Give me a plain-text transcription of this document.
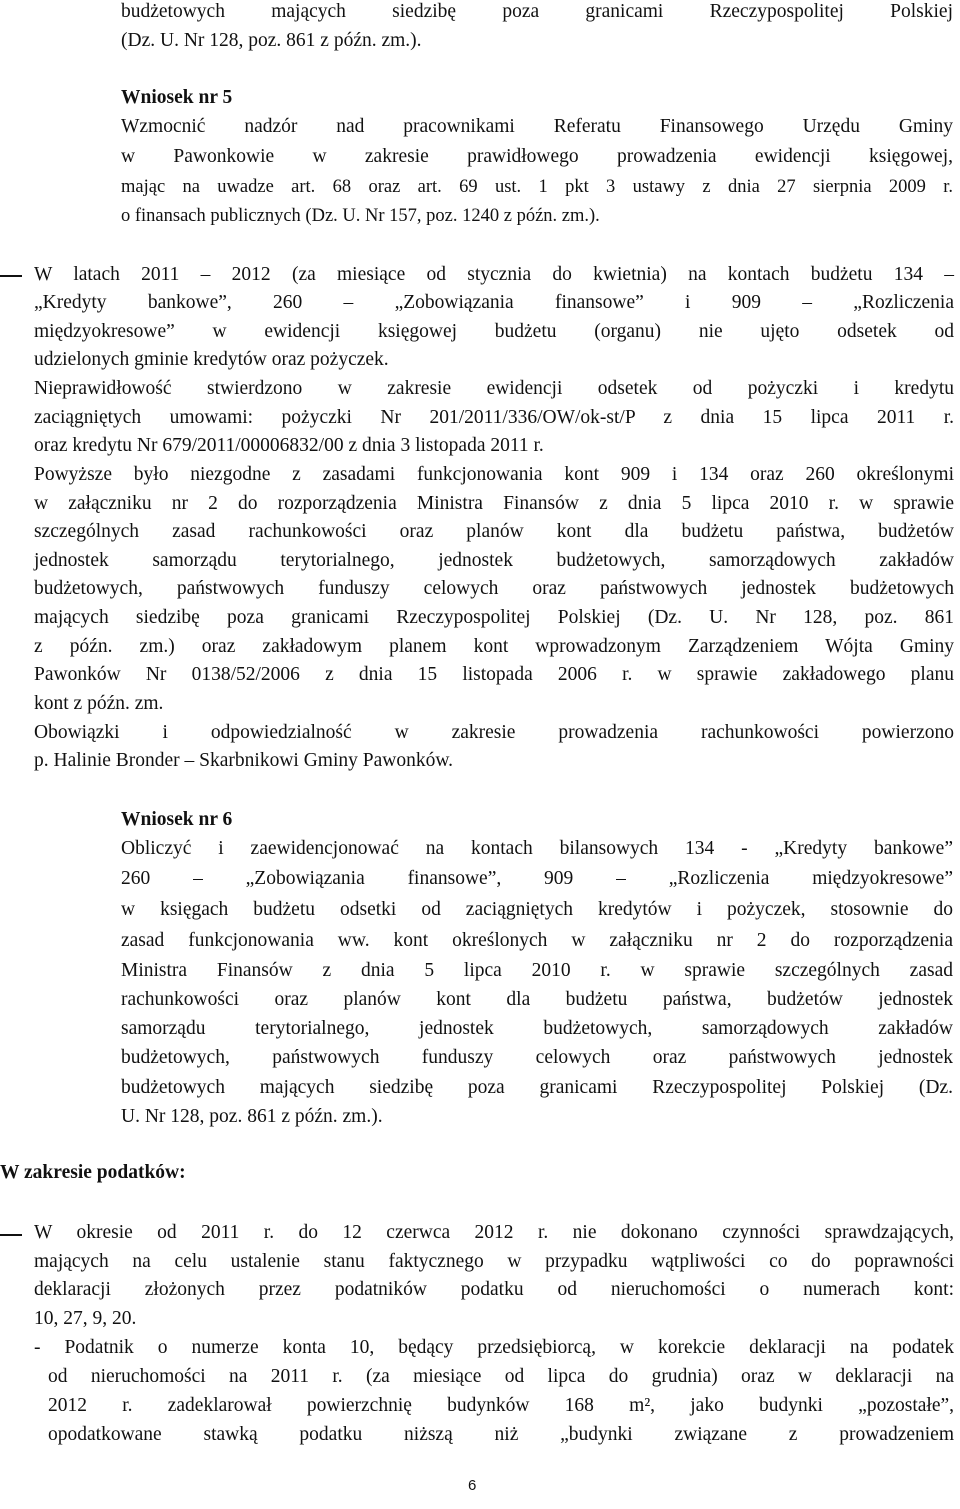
budżetowych mających siedzibę poza granicami Rzeczypospolitej Polskiej
(Dz. U. Nr 128, poz. 861 z późn. zm.).
Wniosek nr 5
Wzmocnić nadzór nad pracownikami Referatu Finansowego Urzędu Gminy
w Pawonkowie w zakresie prawidłowego prowadzenia ewidencji księgowej,
mając na uwadze art. 68 oraz art. 69 ust. 1 pkt 3 ustawy z dnia 27 sierpnia 2009 r.
o finansach publicznych (Dz. U. Nr 157, poz. 1240 z późn. zm.).
W latach 2011 – 2012 (za miesiące od stycznia do kwietnia) na kontach budżetu 134 –
„Kredyty bankowe”, 260 – „Zobowiązania finansowe” i 909 – „Rozliczenia
międzyokresowe” w ewidencji księgowej budżetu (organu) nie ujęto odsetek od
udzielonych gminie kredytów oraz pożyczek.
Nieprawidłowość stwierdzono w zakresie ewidencji odsetek od pożyczki i kredytu
zaciągniętych umowami: pożyczki Nr 201/2011/336/OW/ok-st/P z dnia 15 lipca 2011 r.
oraz kredytu Nr 679/2011/00006832/00 z dnia 3 listopada 2011 r.
Powyższe było niezgodne z zasadami funkcjonowania kont 909 i 134 oraz 260 określonymi
w załączniku nr 2 do rozporządzenia Ministra Finansów z dnia 5 lipca 2010 r. w sprawie
szczególnych zasad rachunkowości oraz planów kont dla budżetu państwa, budżetów
jednostek samorządu terytorialnego, jednostek budżetowych, samorządowych zakładów
budżetowych, państwowych funduszy celowych oraz państwowych jednostek budżetowych
mających siedzibę poza granicami Rzeczypospolitej Polskiej (Dz. U. Nr 128, poz. 861
z późn. zm.) oraz zakładowym planem kont wprowadzonym Zarządzeniem Wójta Gminy
Pawonków Nr 0138/52/2006 z dnia 15 listopada 2006 r. w sprawie zakładowego planu
kont z późn. zm.
Obowiązki i odpowiedzialność w zakresie prowadzenia rachunkowości powierzono
p. Halinie Bronder – Skarbnikowi Gminy Pawonków.
Wniosek nr 6
Obliczyć i zaewidencjonować na kontach bilansowych 134 - „Kredyty bankowe”
260 – „Zobowiązania finansowe”, 909 – „Rozliczenia międzyokresowe”
w księgach budżetu odsetki od zaciągniętych kredytów i pożyczek, stosownie do
zasad funkcjonowania ww. kont określonych w załączniku nr 2 do rozporządzenia
Ministra Finansów z dnia 5 lipca 2010 r. w sprawie szczególnych zasad
rachunkowości oraz planów kont dla budżetu państwa, budżetów jednostek
samorządu terytorialnego, jednostek budżetowych, samorządowych zakładów
budżetowych, państwowych funduszy celowych oraz państwowych jednostek
budżetowych mających siedzibę poza granicami Rzeczypospolitej Polskiej (Dz.
U. Nr 128, poz. 861 z późn. zm.).
W zakresie podatków:
W okresie od 2011 r. do 12 czerwca 2012 r. nie dokonano czynności sprawdzających,
mających na celu ustalenie stanu faktycznego w przypadku wątpliwości co do poprawności
deklaracji złożonych przez podatników podatku od nieruchomości o numerach kont:
10, 27, 9, 20.
- Podatnik o numerze konta 10, będący przedsiębiorcą, w korekcie deklaracji na podatek
od nieruchomości na 2011 r. (za miesiące od lipca do grudnia) oraz w deklaracji na
2012 r. zadeklarował powierzchnię budynków 168 m², jako budynki „pozostałe”,
opodatkowane stawką podatku niższą niż „budynki związane z prowadzeniem
6
